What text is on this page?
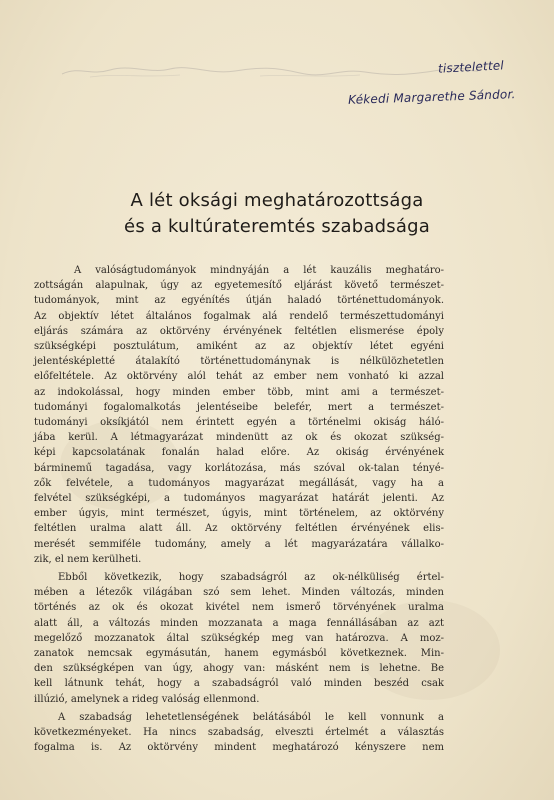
tisztelettel
Kékedi Margarethe Sándor.
A lét oksági meghatározottsága
és a kultúrateremtés szabadsága
A valóságtudományok mindnyáján a lét kauzális meghatáro-
zottságán alapulnak, úgy az egyetemesítő eljárást követő természet-
tudományok, mint az egyénítés útján haladó történettudományok.
Az objektív létet általános fogalmak alá rendelő természettudományi
eljárás számára az oktörvény érvényének feltétlen elismerése époly
szükségképi posztulátum, amiként az az objektív létet egyéni
jelentésképletté átalakító történettudománynak is nélkülözhetetlen
előfeltétele. Az oktörvény alól tehát az ember nem vonható ki azzal
az indokolással, hogy minden ember több, mint ami a természet-
tudományi fogalomalkotás jelentéseibe belefér, mert a természet-
tudományi oksíkjától nem érintett egyén a történelmi okiság háló-
jába kerül. A létmagyarázat mindenütt az ok és okozat szükség-
képi kapcsolatának fonalán halad előre. Az okiság érvényének
bárminemű tagadása, vagy korlátozása, más szóval ok-talan tényé-
zők felvétele, a tudományos magyarázat megállását, vagy ha a
felvétel szükségképi, a tudományos magyarázat határát jelenti. Az
ember úgyis, mint természet, úgyis, mint történelem, az oktörvény
feltétlen uralma alatt áll. Az oktörvény feltétlen érvényének elis-
merését semmiféle tudomány, amely a lét magyarázatára vállalko-
zik, el nem kerülheti.
Ebből következik, hogy szabadságról az ok-nélküliség értel-
mében a létezők világában szó sem lehet. Minden változás, minden
történés az ok és okozat kivétel nem ismerő törvényének uralma
alatt áll, a változás minden mozzanata a maga fennállásában az azt
megelőző mozzanatok által szükségkép meg van határozva. A moz-
zanatok nemcsak egymásután, hanem egymásból következnek. Min-
den szükségképen van úgy, ahogy van: másként nem is lehetne. Be
kell látnunk tehát, hogy a szabadságról való minden beszéd csak
illúzió, amelynek a rideg valóság ellenmond.
A szabadság lehetetlenségének belátásából le kell vonnunk a
következményeket. Ha nincs szabadság, elveszti értelmét a választás
fogalma is. Az oktörvény mindent meghatározó kényszere nem
